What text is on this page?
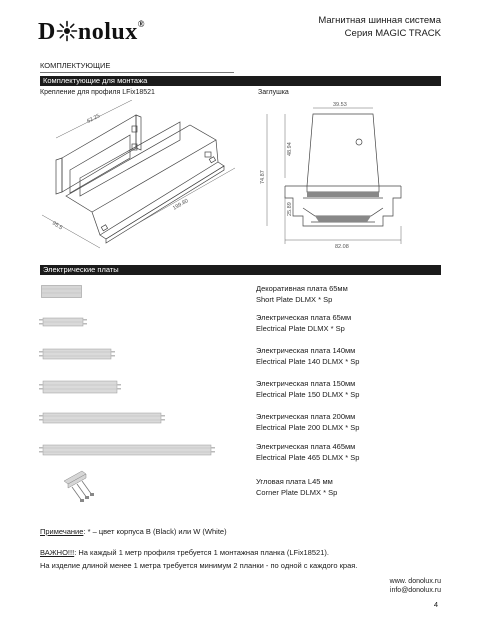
D nolux®	Магнитная шинная система
Серия MAGIC TRACK
КОМПЛЕКТУЮЩИЕ
Комплектующие для монтажа
Крепление для профиля LFix18521	Заглушка
62.25
95.5
199.80
39.53
48.94
74.87
25.89
82.08
Электрические платы
Декоративная плата 65мм
Short Plate DLMX * Sp
Электрическая плата 65мм
Electrical Plate DLMX * Sp
Электрическая плата 140мм
Electrical Plate 140 DLMX * Sp
Электрическая плата 150мм
Electrical Plate 150 DLMX * Sp
Электрическая плата 200мм
Electrical Plate 200 DLMX * Sp
Электрическая плата 465мм
Electrical Plate 465 DLMX * Sp
Угловая плата L45 мм
Corner Plate DLMX * Sp
Примечание: * – цвет корпуса B (Black) или W (White)
ВАЖНО!!!: На каждый 1 метр профиля требуется 1 монтажная планка (LFix18521).
На изделие длиной менее 1 метра требуется минимум 2 планки - по одной с каждого края.
www. donolux.ru
info@donolux.ru
4
